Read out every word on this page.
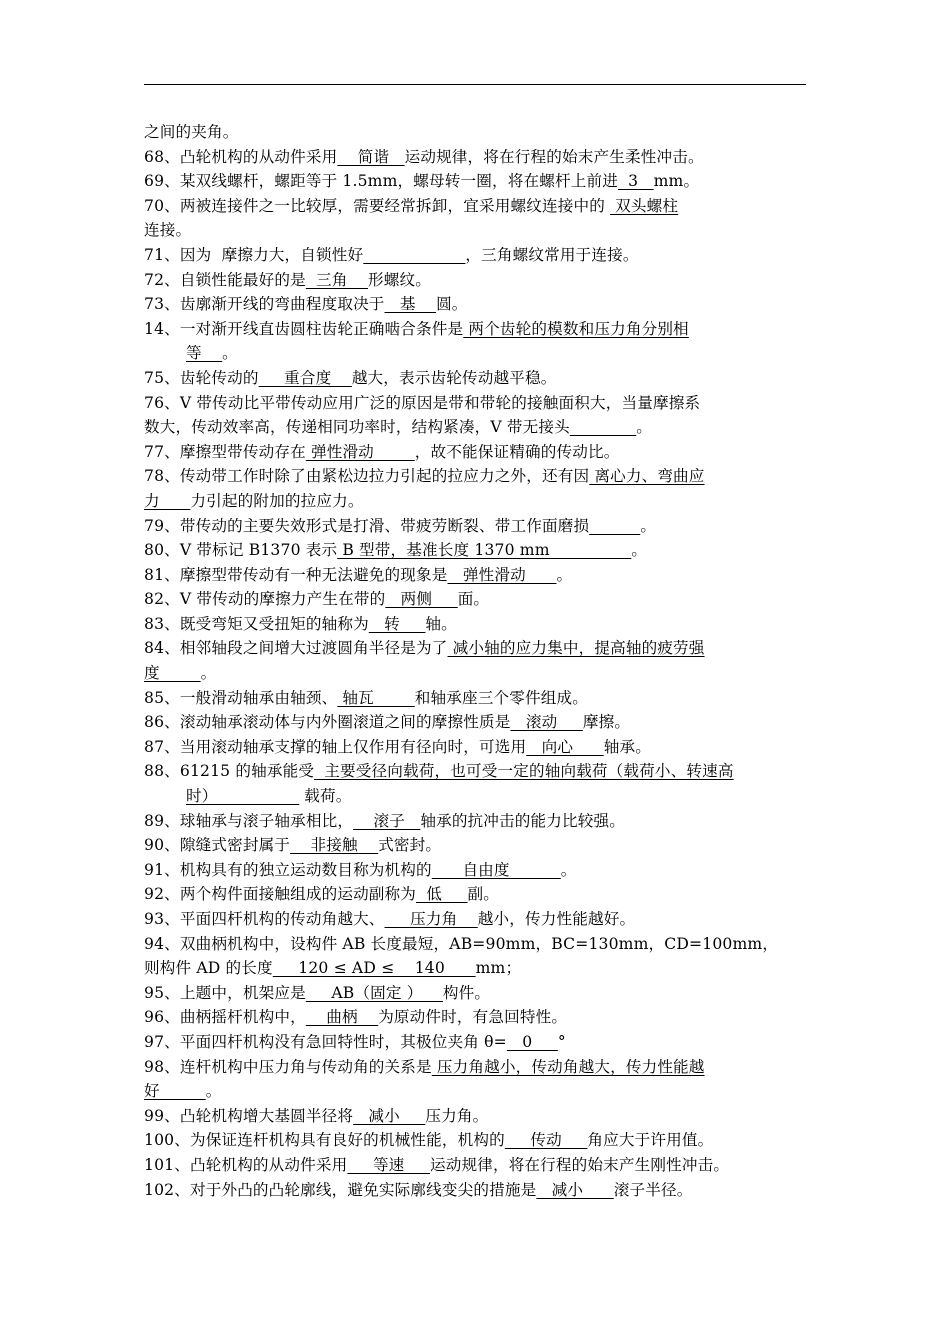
之间的夹角。
68、凸轮机构的从动件采用    简谐   运动规律，将在行程的始末产生柔性冲击。
69、某双线螺杆，螺距等于 1.5mm，螺母转一圈，将在螺杆上前进  3   mm。
70、两被连接件之一比较厚，需要经常拆卸，宜采用螺纹连接中的  双头螺柱
连接。
71、因为  摩擦力大，自锁性好	，三角螺纹常用于连接。
72、自锁性能最好的是  三角    形螺纹。
73、齿廓渐开线的弯曲程度取决于   基    圆。
14、一对渐开线直齿圆柱齿轮正确啮合条件是 两个齿轮的模数和压力角分别相
等    。
75、齿轮传动的     重合度    越大，表示齿轮传动越平稳。
76、V 带传动比平带传动应用广泛的原因是带和带轮的接触面积大，当量摩擦系
数大，传动效率高，传递相同功率时，结构紧凑，V 带无接头	。
77、摩擦型带传动存在 弹性滑动        ，故不能保证精确的传动比。
78、传动带工作时除了由紧松边拉力引起的拉应力之外，还有因 离心力、弯曲应
力      力引起的附加的拉应力。
79、带传动的主要失效形式是打滑、带疲劳断裂、带工作面磨损	。
80、V 带标记 B1370 表示 B 型带，基准长度 1370 mm                。
81、摩擦型带传动有一种无法避免的现象是   弹性滑动      。
82、V 带传动的摩擦力产生在带的   两侧     面。
83、既受弯矩又受扭矩的轴称为   转     轴。
84、相邻轴段之间增大过渡圆角半径是为了 减小轴的应力集中，提高轴的疲劳强
度        。
85、一般滑动轴承由轴颈、 轴瓦        和轴承座三个零件组成。
86、滚动轴承滚动体与内外圈滚道之间的摩擦性质是   滚动     摩擦。
87、当用滚动轴承支撑的轴上仅作用有径向时，可选用   向心      轴承。
88、61215 的轴承能受  主要受径向载荷，也可受一定的轴向载荷（载荷小、转速高
时）                 载荷。
89、球轴承与滚子轴承相比，    滚子   轴承的抗冲击的能力比较强。
90、隙缝式密封属于    非接触    式密封。
91、机构具有的独立运动数目称为机构的      自由度          。
92、两个构件面接触组成的运动副称为  低     副。
93、平面四杆机构的传动角越大、     压力角    越小，传力性能越好。
94、双曲柄机构中，设构件 AB 长度最短，AB=90mm，BC=130mm，CD=100mm，
则构件 AD 的长度     120 ≤ AD ≤    140      mm；
95、上题中，机架应是     AB（固定 ）    构件。
96、曲柄摇杆机构中，    曲柄    为原动件时，有急回特性。
97、平面四杆机构没有急回特性时，其极位夹角 θ=   0     °
98、连杆机构中压力角与传动角的关系是 压力角越小，传动角越大，传力性能越
好         。
99、凸轮机构增大基圆半径将   减小     压力角。
100、为保证连杆机构具有良好的机械性能，机构的     传动     角应大于许用值。
101、凸轮机构的从动件采用     等速     运动规律，将在行程的始末产生刚性冲击。
102、对于外凸的凸轮廓线，避免实际廓线变尖的措施是   减小      滚子半径。
